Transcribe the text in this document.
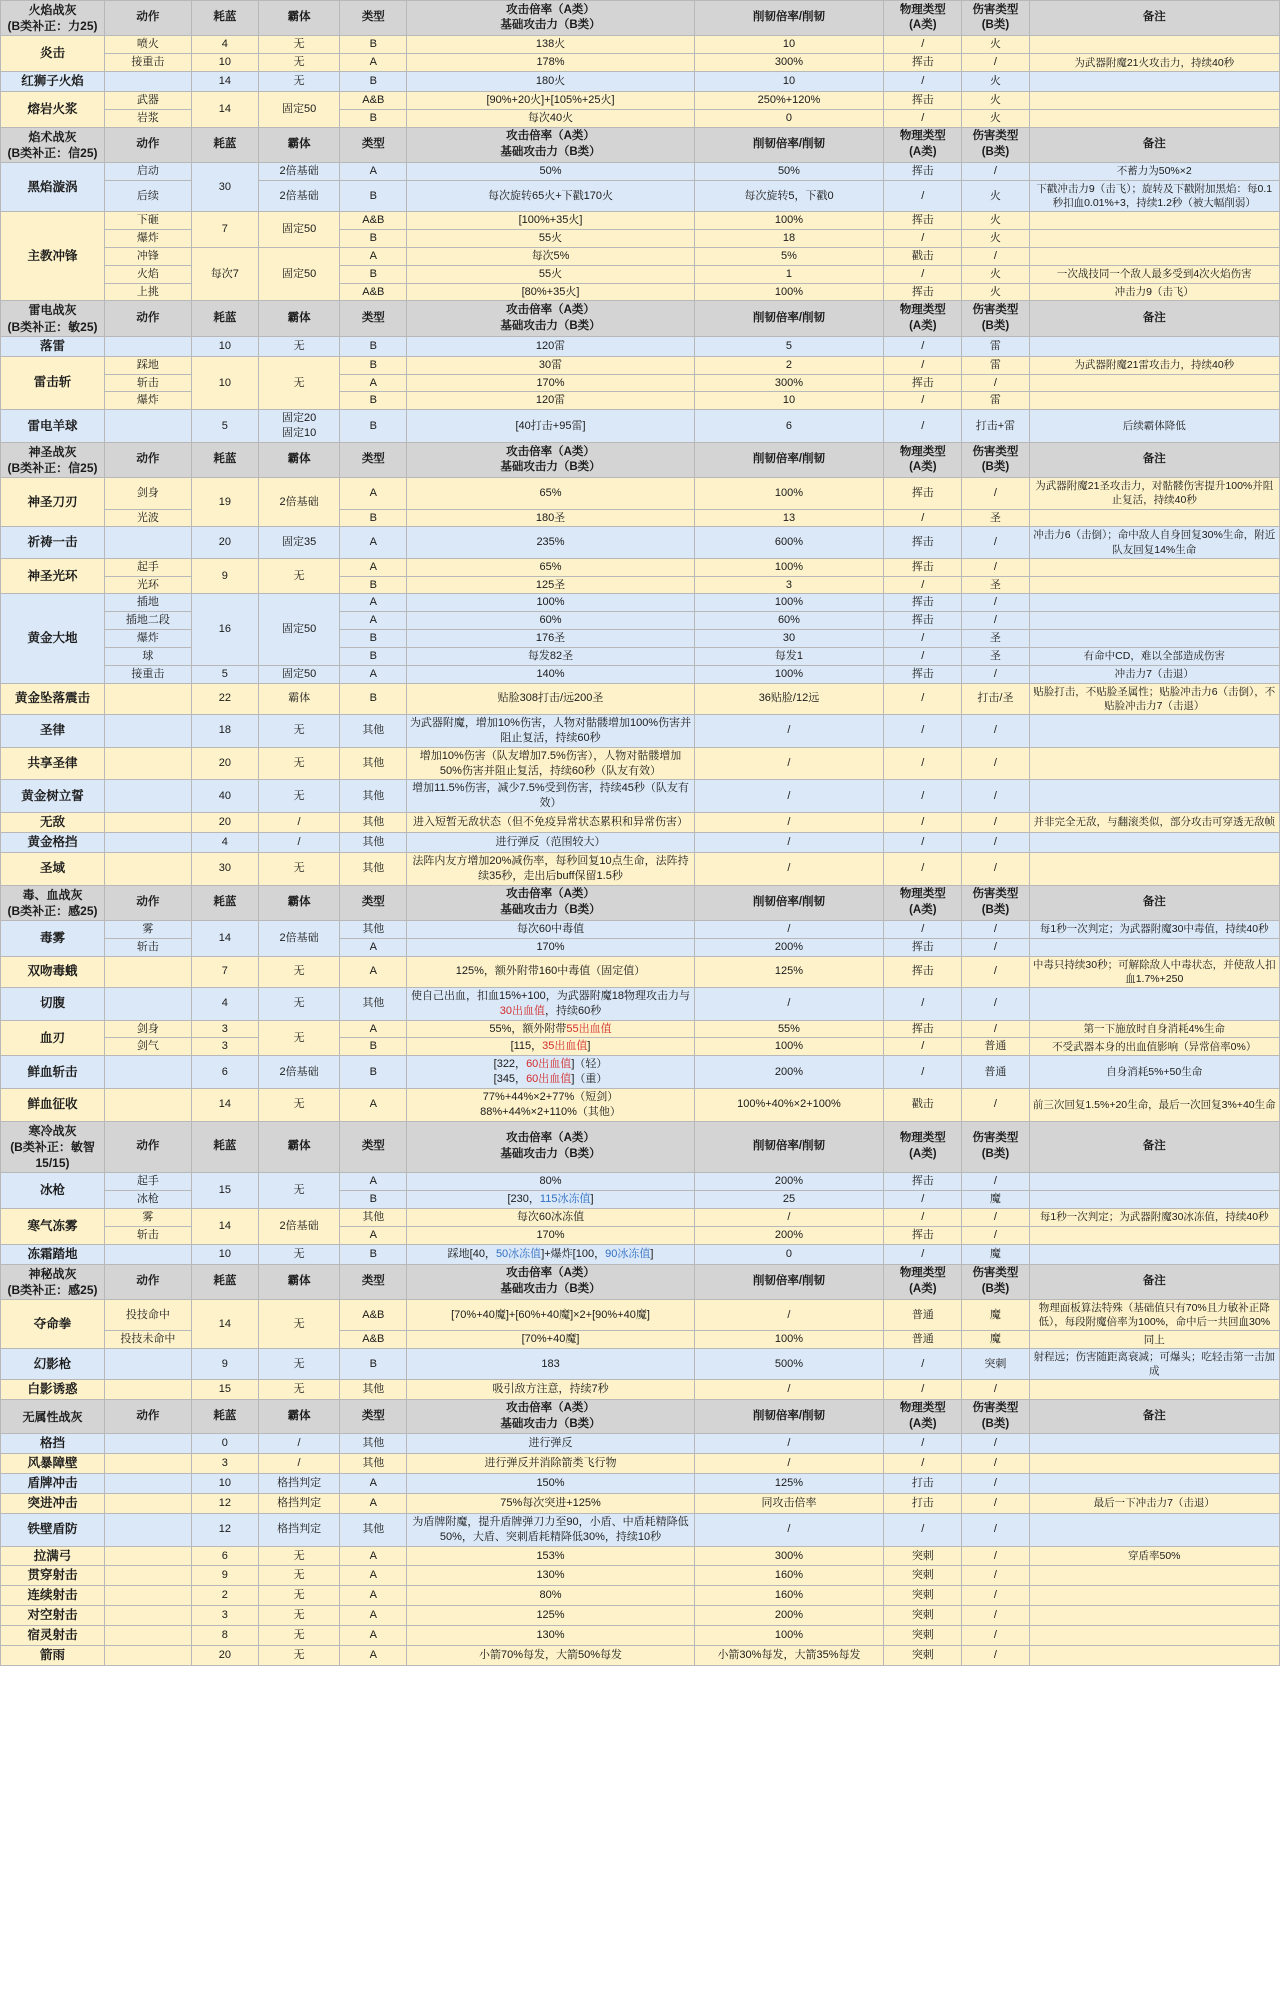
火焰战灰
(B类补正：力25)	动作	耗蓝	霸体	类型	攻击倍率（A类）
基础攻击力（B类）	削韧倍率/削韧	物理类型
(A类)	伤害类型
(B类)	备注
炎击	喷火	4	无	B	138火	10	/	火	
	接重击	10	无	A	178%	300%	挥击	/	为武器附魔21火攻击力，持续40秒
红狮子火焰		14	无	B	180火	10	/	火	
熔岩火浆	武器	14	固定50	A&B	[90%+20火]+[105%+25火]	250%+120%	挥击	火	
	岩浆			B	每次40火	0	/	火	
焰术战灰
(B类补正：信25)	动作	耗蓝	霸体	类型	攻击倍率（A类）
基础攻击力（B类）	削韧倍率/削韧	物理类型
(A类)	伤害类型
(B类)	备注
黑焰漩涡	启动	30	2倍基础	A	50%	50%	挥击	/	不蓄力为50%×2
	后续		2倍基础	B	每次旋转65火+下戳170火	每次旋转5，下戳0	/	火	下戳冲击力9（击飞）；旋转及下戳附加黑焰：每0.1秒扣血0.01%+3，持续1.2秒（被大幅削弱）
主教冲锋	下砸	7	固定50	A&B	[100%+35火]	100%	挥击	火	
	爆炸			B	55火	18	/	火	
	冲锋	每次7	固定50	A	每次5%	5%	戳击	/	
	火焰			B	55火	1	/	火	一次战技同一个敌人最多受到4次火焰伤害
	上挑			A&B	[80%+35火]	100%	挥击	火	冲击力9（击飞）
雷电战灰
(B类补正：敏25)	动作	耗蓝	霸体	类型	攻击倍率（A类）
基础攻击力（B类）	削韧倍率/削韧	物理类型
(A类)	伤害类型
(B类)	备注
落雷		10	无	B	120雷	5	/	雷	
雷击斩	踩地	10	无	B	30雷	2	/	雷	为武器附魔21雷攻击力，持续40秒
	斩击			A	170%	300%	挥击	/	
	爆炸			B	120雷	10	/	雷	
雷电羊球		5	固定20
固定10	B	[40打击+95雷]	6	/	打击+雷	后续霸体降低
神圣战灰
(B类补正：信25)	动作	耗蓝	霸体	类型	攻击倍率（A类）
基础攻击力（B类）	削韧倍率/削韧	物理类型
(A类)	伤害类型
(B类)	备注
神圣刀刃	剑身	19	2倍基础	A	65%	100%	挥击	/	为武器附魔21圣攻击力，对骷髅伤害提升100%并阻止复活，持续40秒
	光波			B	180圣	13	/	圣	
祈祷一击		20	固定35	A	235%	600%	挥击	/	冲击力6（击倒）；命中敌人自身回复30%生命，附近队友回复14%生命
神圣光环	起手	9	无	A	65%	100%	挥击	/	
	光环			B	125圣	3	/	圣	
黄金大地	插地	16	固定50	A	100%	100%	挥击	/	
	插地二段			A	60%	60%	挥击	/	
	爆炸			B	176圣	30	/	圣	
	球			B	每发82圣	每发1	/	圣	有命中CD，难以全部造成伤害
	接重击	5	固定50	A	140%	100%	挥击	/	冲击力7（击退）
黄金坠落震击		22	霸体	B	贴脸308打击/远200圣	36贴脸/12远	/	打击/圣	贴脸打击，不贴脸圣属性；贴脸冲击力6（击倒），不贴脸冲击力7（击退）
圣律		18	无	其他	为武器附魔，增加10%伤害，人物对骷髅增加100%伤害并阻止复活，持续60秒	/	/	/	
共享圣律		20	无	其他	增加10%伤害（队友增加7.5%伤害），人物对骷髅增加50%伤害并阻止复活，持续60秒（队友有效）	/	/	/	
黄金树立誓		40	无	其他	增加11.5%伤害，减少7.5%受到伤害，持续45秒（队友有效）	/	/	/	
无敌		20	/	其他	进入短暂无敌状态（但不免疫异常状态累积和异常伤害）	/	/	/	并非完全无敌，与翻滚类似，部分攻击可穿透无敌帧
黄金格挡		4	/	其他	进行弹反（范围较大）	/	/	/	
圣域		30	无	其他	法阵内友方增加20%减伤率，每秒回复10点生命，法阵持续35秒，走出后buff保留1.5秒	/	/	/	
毒、血战灰
(B类补正：感25)	动作	耗蓝	霸体	类型	攻击倍率（A类）
基础攻击力（B类）	削韧倍率/削韧	物理类型
(A类)	伤害类型
(B类)	备注
毒雾	雾	14	2倍基础	其他	每次60中毒值	/	/	/	每1秒一次判定；为武器附魔30中毒值，持续40秒
	斩击			A	170%	200%	挥击	/	
双吻毒蛾		7	无	A	125%，额外附带160中毒值（固定值）	125%	挥击	/	中毒只持续30秒；可解除敌人中毒状态，并使敌人扣血1.7%+250
切腹		4	无	其他	使自己出血，扣血15%+100，为武器附魔18物理攻击力与30出血值，持续60秒	/	/	/	
血刃	剑身	3	无	A	55%，额外附带55出血值	55%	挥击	/	第一下施放时自身消耗4%生命
	剑气	3		B	[115，35出血值]	100%	/	普通	不受武器本身的出血值影响（异常倍率0%）
鲜血斩击		6	2倍基础	B	[322，60出血值]（轻）
[345，60出血值]（重）	200%	/	普通	自身消耗5%+50生命
鲜血征收		14	无	A	77%+44%×2+77%（短剑）
88%+44%×2+110%（其他）	100%+40%×2+100%	戳击	/	前三次回复1.5%+20生命，最后一次回复3%+40生命
寒冷战灰
(B类补正：敏智
15/15)	动作	耗蓝	霸体	类型	攻击倍率（A类）
基础攻击力（B类）	削韧倍率/削韧	物理类型
(A类)	伤害类型
(B类)	备注
冰枪	起手	15	无	A	80%	200%	挥击	/	
	冰枪			B	[230，115冰冻值]	25	/	魔	
寒气冻雾	雾	14	2倍基础	其他	每次60冰冻值	/	/	/	每1秒一次判定；为武器附魔30冰冻值，持续40秒
	斩击			A	170%	200%	挥击	/	
冻霜踏地		10	无	B	踩地[40，50冰冻值]+爆炸[100，90冰冻值]	0	/	魔	
神秘战灰
(B类补正：感25)	动作	耗蓝	霸体	类型	攻击倍率（A类）
基础攻击力（B类）	削韧倍率/削韧	物理类型
(A类)	伤害类型
(B类)	备注
夺命拳	投技命中	14	无	A&B	[70%+40魔]+[60%+40魔]×2+[90%+40魔]	/	普通	魔	物理面板算法特殊（基础值只有70%且力敏补正降低），每段附魔倍率为100%，命中后一共回血30%
	投技未命中			A&B	[70%+40魔]	100%	普通	魔	同上
幻影枪		9	无	B	183	500%	/	突刺	射程远；伤害随距离衰减；可爆头；吃轻击第一击加成
白影诱惑		15	无	其他	吸引敌方注意，持续7秒	/	/	/	
无属性战灰	动作	耗蓝	霸体	类型	攻击倍率（A类）
基础攻击力（B类）	削韧倍率/削韧	物理类型
(A类)	伤害类型
(B类)	备注
格挡		0	/	其他	进行弹反	/	/	/	
风暴障壁		3	/	其他	进行弹反并消除箭类飞行物	/	/	/	
盾牌冲击		10	格挡判定	A	150%	125%	打击	/	
突进冲击		12	格挡判定	A	75%每次突进+125%	同攻击倍率	打击	/	最后一下冲击力7（击退）
铁壁盾防		12	格挡判定	其他	为盾牌附魔，提升盾牌弹刀力至90，小盾、中盾耗精降低50%，大盾、突刺盾耗精降低30%，持续10秒	/	/	/	
拉满弓		6	无	A	153%	300%	突刺	/	穿盾率50%
贯穿射击		9	无	A	130%	160%	突刺	/	
连续射击		2	无	A	80%	160%	突刺	/	
对空射击		3	无	A	125%	200%	突刺	/	
宿灵射击		8	无	A	130%	100%	突刺	/	
箭雨		20	无	A	小箭70%每发，大箭50%每发	小箭30%每发，大箭35%每发	突刺	/	
